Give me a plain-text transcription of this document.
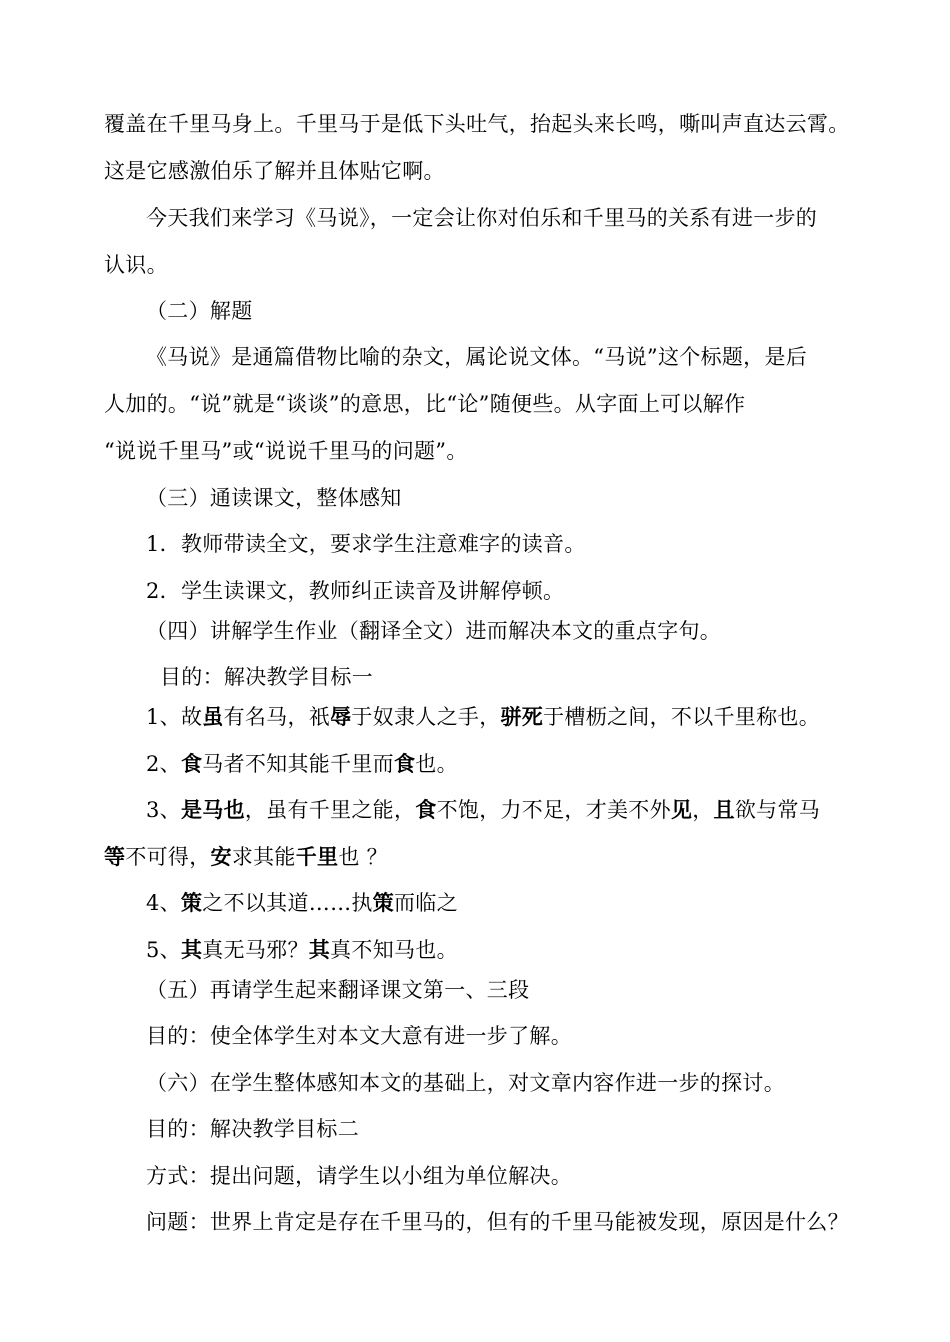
覆盖在千里马身上。千里马于是低下头吐气，抬起头来长鸣，嘶叫声直达云霄。
这是它感激伯乐了解并且体贴它啊。
今天我们来学习《马说》，一定会让你对伯乐和千里马的关系有进一步的
认识。
（二）解题
《马说》是通篇借物比喻的杂文，属论说文体。“马说”这个标题，是后
人加的。“说”就是“谈谈”的意思，比“论”随便些。从字面上可以解作
“说说千里马”或“说说千里马的问题”。
（三）通读课文，整体感知
1．教师带读全文，要求学生注意难字的读音。
2．学生读课文，教师纠正读音及讲解停顿。
（四）讲解学生作业（翻译全文）进而解决本文的重点字句。
目的：解决教学目标一
1、故虽有名马，祇辱于奴隶人之手，骈死于槽枥之间，不以千里称也。
2、食马者不知其能千里而食也。
3、是马也，虽有千里之能，食不饱，力不足，才美不外见，且欲与常马
等不可得，安求其能千里也 ？
4、策之不以其道……执策而临之
5、其真无马邪？其真不知马也。
（五）再请学生起来翻译课文第一、三段
目的：使全体学生对本文大意有进一步了解。
（六）在学生整体感知本文的基础上，对文章内容作进一步的探讨。
目的：解决教学目标二
方式：提出问题，请学生以小组为单位解决。
问题：世界上肯定是存在千里马的，但有的千里马能被发现，原因是什么？
